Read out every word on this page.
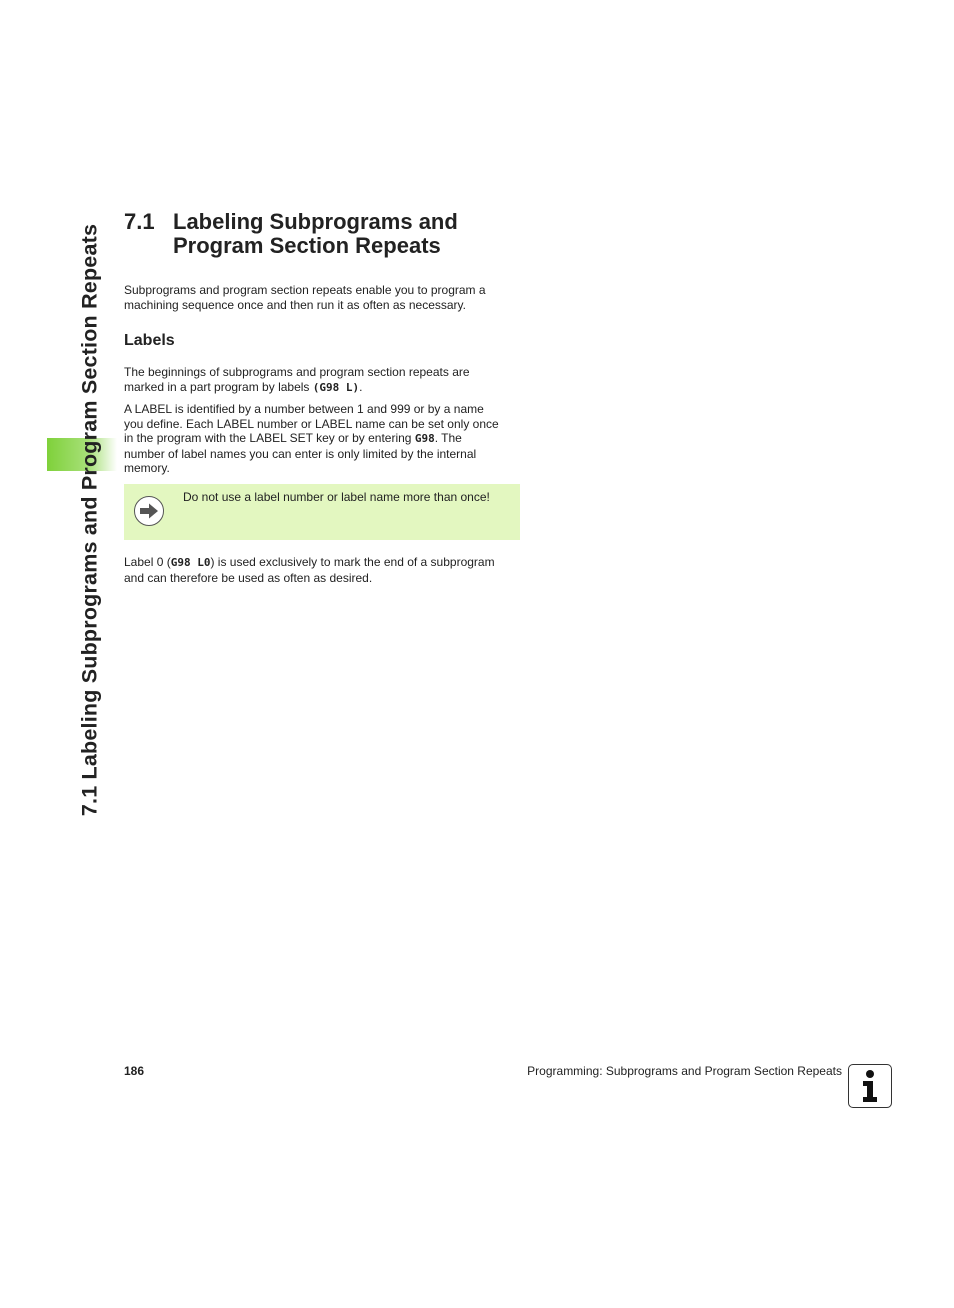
7.1 Labeling Subprograms and Program Section Repeats
7.1 Labeling Subprograms and
Program Section Repeats

Subprograms and program section repeats enable you to program a
machining sequence once and then run it as often as necessary.

Labels

The beginnings of subprograms and program section repeats are
marked in a part program by labels (G98 L).

A LABEL is identified by a number between 1 and 999 or by a name
you define. Each LABEL number or LABEL name can be set only once
in the program with the LABEL SET key or by entering G98. The
number of label names you can enter is only limited by the internal
memory.

Do not use a label number or label name more than once!

Label 0 (G98 L0) is used exclusively to mark the end of a subprogram
and can therefore be used as often as desired.

186	Programming: Subprograms and Program Section Repeats
